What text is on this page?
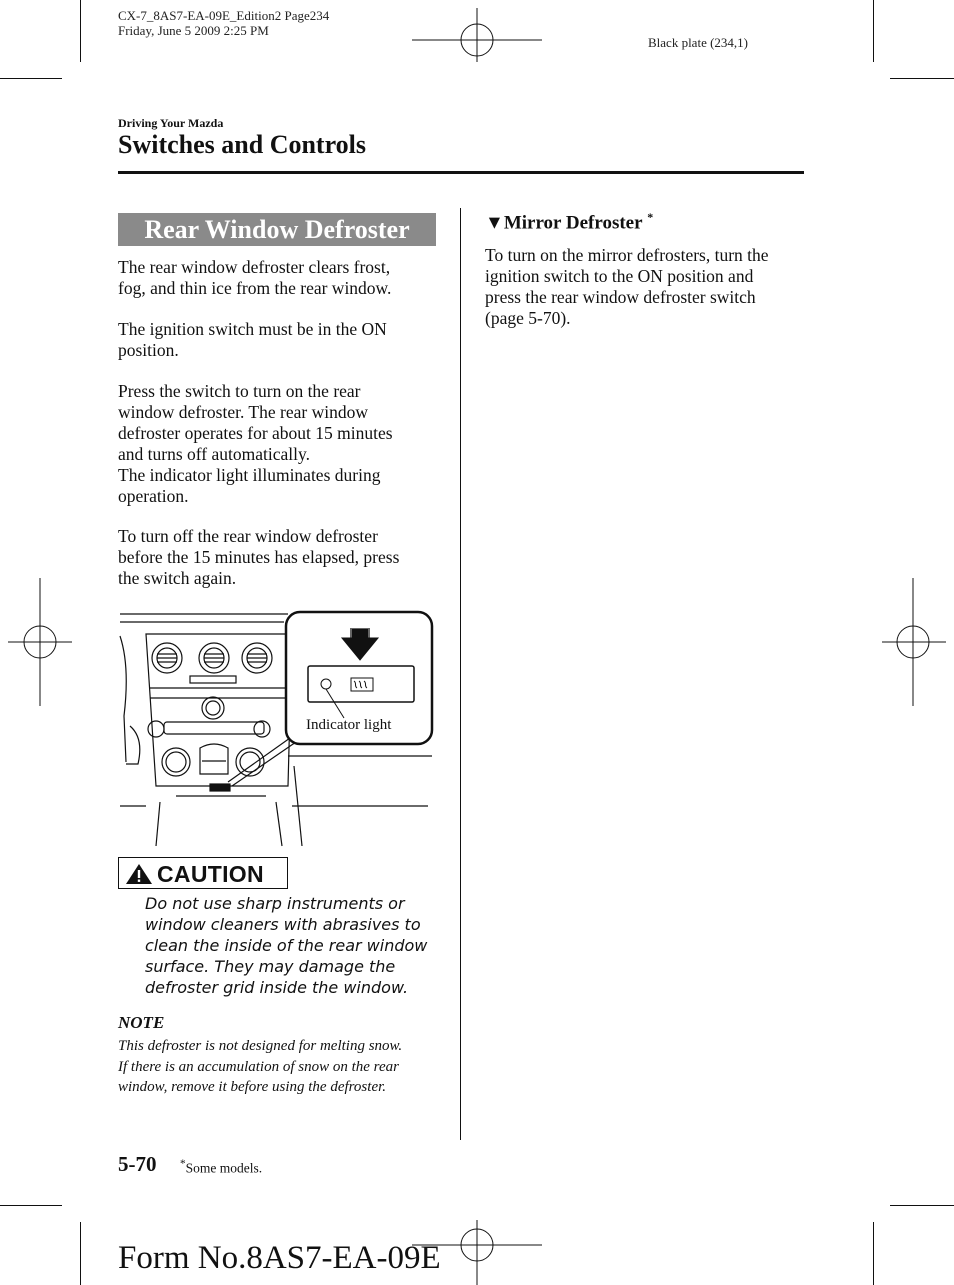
CX-7_8AS7-EA-09E_Edition2 Page234
Friday, June 5 2009 2:25 PM
Black plate (234,1)
Driving Your Mazda
Switches and Controls
Rear Window Defroster
The rear window defroster clears frost,
fog, and thin ice from the rear window.
The ignition switch must be in the ON
position.
Press the switch to turn on the rear
window defroster. The rear window
defroster operates for about 15 minutes
and turns off automatically.
The indicator light illuminates during
operation.
To turn off the rear window defroster
before the 15 minutes has elapsed, press
the switch again.
Indicator light
CAUTION
Do not use sharp instruments or
window cleaners with abrasives to
clean the inside of the rear window
surface. They may damage the
defroster grid inside the window.
NOTE
This defroster is not designed for melting snow.
If there is an accumulation of snow on the rear
window, remove it before using the defroster.
▼Mirror Defroster *
To turn on the mirror defrosters, turn the
ignition switch to the ON position and
press the rear window defroster switch
(page 5-70).
5-70 *Some models.
Form No.8AS7-EA-09E
